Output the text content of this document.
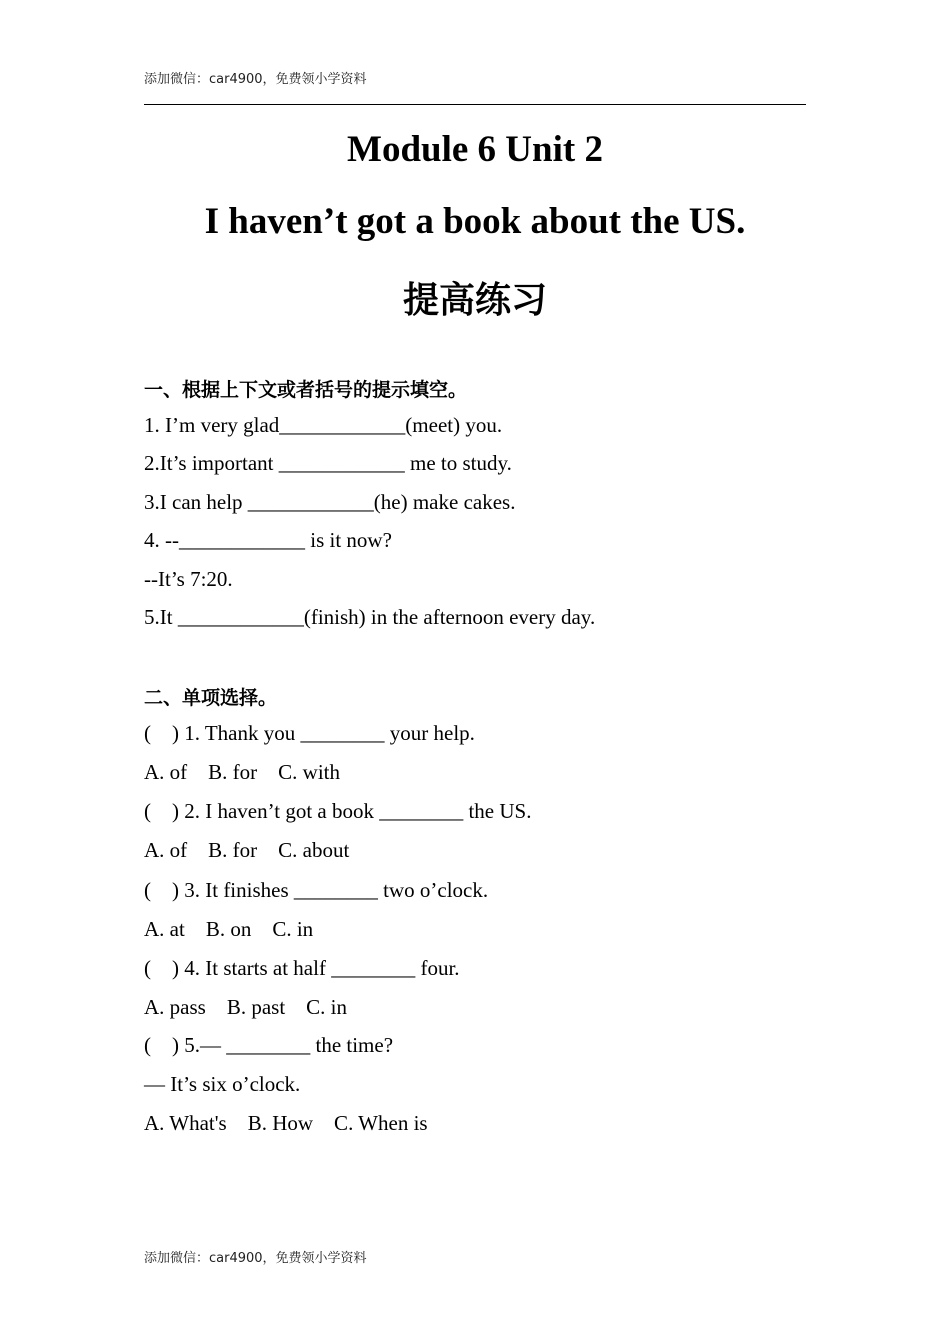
添加微信：car4900，免费领小学资料
Module 6 Unit 2
I haven’t got a book about the US.
提高练习
一、根据上下文或者括号的提示填空。
1. I’m very glad____________(meet) you.
2.It’s important ____________ me to study.
3.I can help ____________(he) make cakes.
4. --____________ is it now?
--It’s 7:20.
5.It ____________(finish) in the afternoon every day.
二、单项选择。
(    ) 1. Thank you ________ your help.
A. of    B. for    C. with
(    ) 2. I haven’t got a book ________ the US.
A. of    B. for    C. about
(    ) 3. It finishes ________ two o’clock.
A. at    B. on    C. in
(    ) 4. It starts at half ________ four.
A. pass    B. past    C. in
(    ) 5.— ________ the time?
— It’s six o’clock.
A. What's    B. How    C. When is
添加微信：car4900，免费领小学资料
